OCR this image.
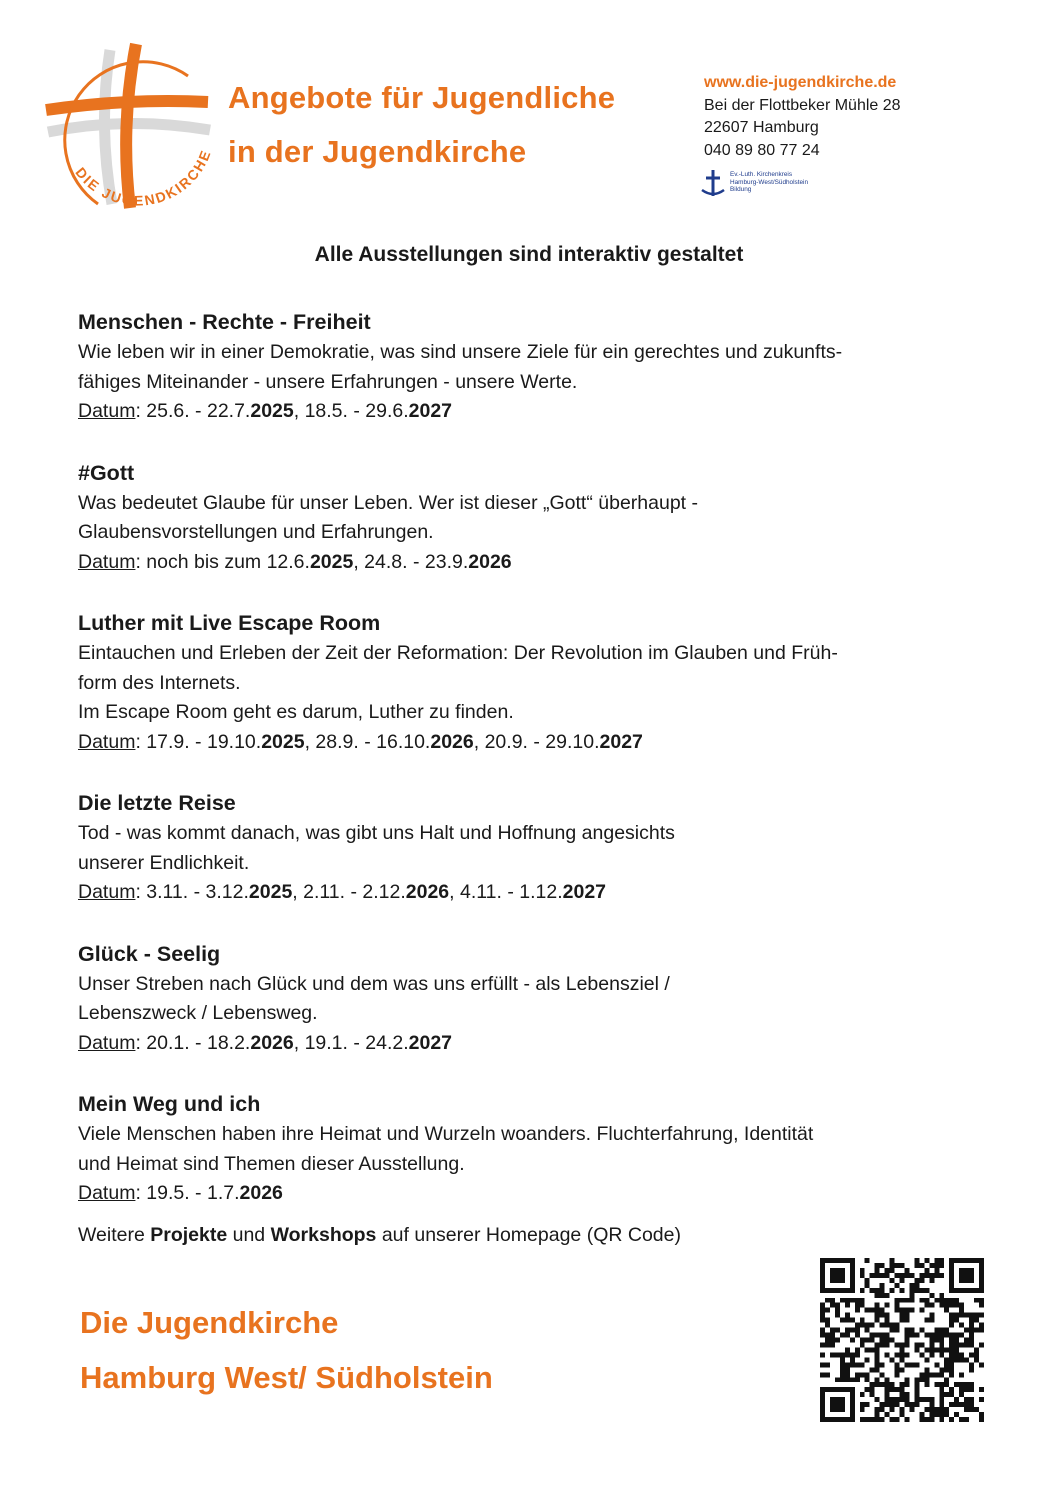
DIE JUGENDKIRCHE
Angebote für Jugendliche
in der Jugendkirche
www.die-jugendkirche.de
Bei der Flottbeker Mühle 28
22607 Hamburg
040 89 80 77 24
Ev.-Luth. Kirchenkreis
Hamburg-West/Südholstein
Bildung
Alle Ausstellungen sind interaktiv gestaltet
Menschen - Rechte - Freiheit

Wie leben wir in einer Demokratie, was sind unsere Ziele für ein gerechtes und zukunfts-

fähiges Miteinander - unsere Erfahrungen - unsere Werte.

Datum: 25.6. - 22.7.2025, 18.5. - 29.6.2027

#Gott

Was bedeutet Glaube für unser Leben. Wer ist dieser „Gott“ überhaupt -

Glaubensvorstellungen und Erfahrungen.

Datum: noch bis zum 12.6.2025, 24.8. - 23.9.2026

Luther mit Live Escape Room

Eintauchen und Erleben der Zeit der Reformation: Der Revolution im Glauben und Früh-

form des Internets.

Im Escape Room geht es darum, Luther zu finden.

Datum: 17.9. - 19.10.2025, 28.9. - 16.10.2026, 20.9. - 29.10.2027

Die letzte Reise

Tod - was kommt danach, was gibt uns Halt und Hoffnung angesichts

unserer Endlichkeit.

Datum: 3.11. - 3.12.2025, 2.11. - 2.12.2026, 4.11. - 1.12.2027

Glück - Seelig

Unser Streben nach Glück und dem was uns erfüllt - als Lebensziel /

Lebenszweck / Lebensweg.

Datum: 20.1. - 18.2.2026, 19.1. - 24.2.2027

Mein Weg und ich

Viele Menschen haben ihre Heimat und Wurzeln woanders. Fluchterfahrung, Identität

und Heimat sind Themen dieser Ausstellung.

Datum: 19.5. - 1.7.2026

Weitere Projekte und Workshops auf unserer Homepage (QR Code)

Die Jugendkirche
Hamburg West/ Südholstein
